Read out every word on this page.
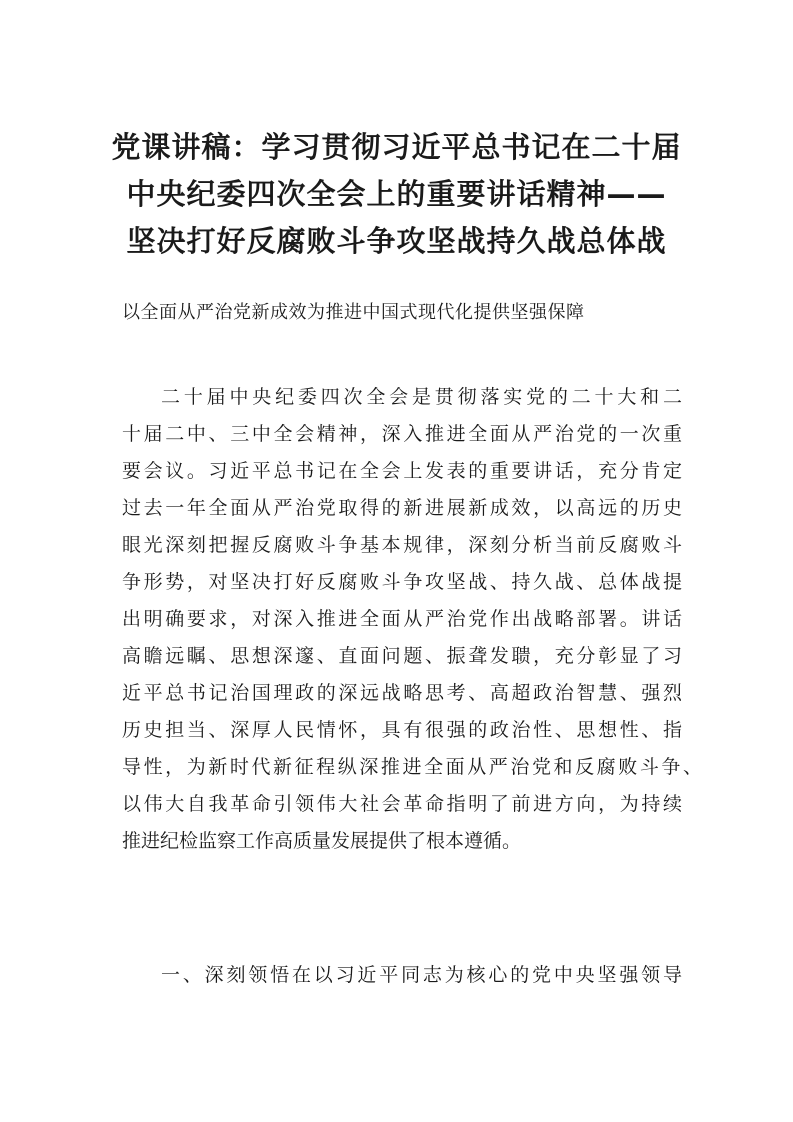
党课讲稿：学习贯彻习近平总书记在二十届
中央纪委四次全会上的重要讲话精神——
坚决打好反腐败斗争攻坚战持久战总体战

以全面从严治党新成效为推进中国式现代化提供坚强保障

二十届中央纪委四次全会是贯彻落实党的二十大和二

十届二中、三中全会精神，深入推进全面从严治党的一次重

要会议。习近平总书记在全会上发表的重要讲话，充分肯定

过去一年全面从严治党取得的新进展新成效，以高远的历史

眼光深刻把握反腐败斗争基本规律，深刻分析当前反腐败斗

争形势，对坚决打好反腐败斗争攻坚战、持久战、总体战提

出明确要求，对深入推进全面从严治党作出战略部署。讲话

高瞻远瞩、思想深邃、直面问题、振聋发聩，充分彰显了习

近平总书记治国理政的深远战略思考、高超政治智慧、强烈

历史担当、深厚人民情怀，具有很强的政治性、思想性、指

导性，为新时代新征程纵深推进全面从严治党和反腐败斗争、

以伟大自我革命引领伟大社会革命指明了前进方向，为持续

推进纪检监察工作高质量发展提供了根本遵循。

一、深刻领悟在以习近平同志为核心的党中央坚强领导
